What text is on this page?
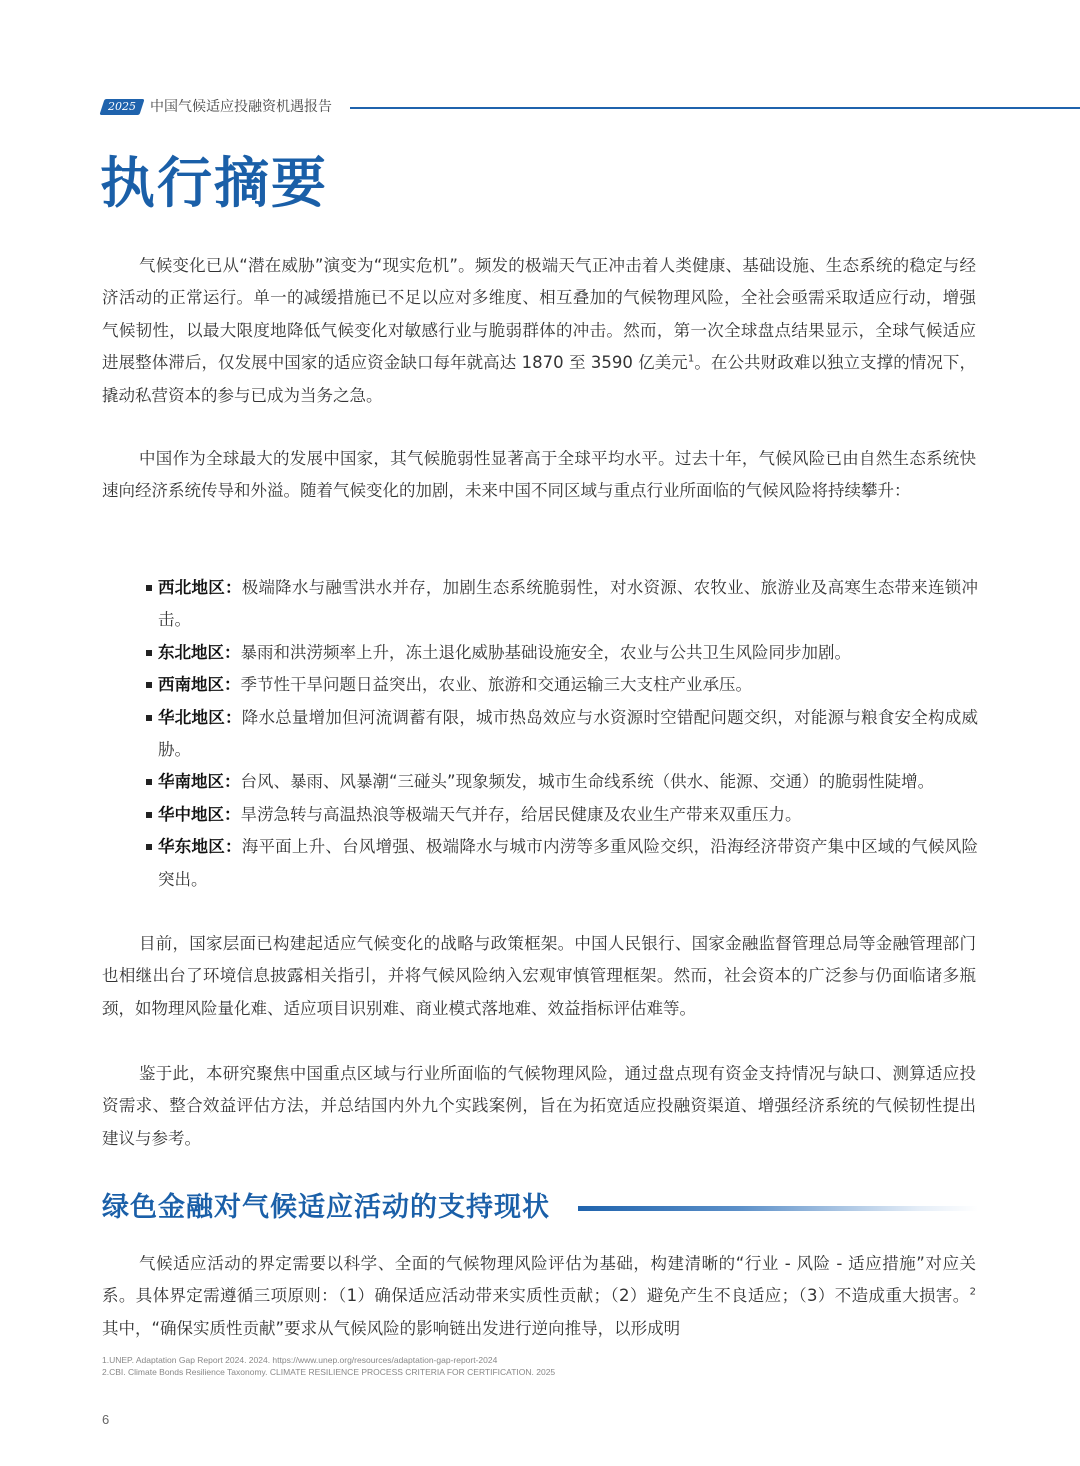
2025	中国气候适应投融资机遇报告
执行摘要

气候变化已从“潜在威胁”演变为“现实危机”。频发的极端天气正冲击着人类健康、基础设施、生态系统的稳定与经济活动的正常运行。单一的减缓措施已不足以应对多维度、相互叠加的气候物理风险，全社会亟需采取适应行动，增强气候韧性，以最大限度地降低气候变化对敏感行业与脆弱群体的冲击。然而，第一次全球盘点结果显示，全球气候适应进展整体滞后，仅发展中国家的适应资金缺口每年就高达 1870 至 3590 亿美元$^1$。在公共财政难以独立支撑的情况下，撬动私营资本的参与已成为当务之急。

中国作为全球最大的发展中国家，其气候脆弱性显著高于全球平均水平。过去十年，气候风险已由自然生态系统快速向经济系统传导和外溢。随着气候变化的加剧，未来中国不同区域与重点行业所面临的气候风险将持续攀升：

西北地区：极端降水与融雪洪水并存，加剧生态系统脆弱性，对水资源、农牧业、旅游业及高寒生态带来连锁冲击。
东北地区：暴雨和洪涝频率上升，冻土退化威胁基础设施安全，农业与公共卫生风险同步加剧。
西南地区：季节性干旱问题日益突出，农业、旅游和交通运输三大支柱产业承压。
华北地区：降水总量增加但河流调蓄有限，城市热岛效应与水资源时空错配问题交织，对能源与粮食安全构成威胁。
华南地区：台风、暴雨、风暴潮“三碰头”现象频发，城市生命线系统（供水、能源、交通）的脆弱性陡增。
华中地区：旱涝急转与高温热浪等极端天气并存，给居民健康及农业生产带来双重压力。
华东地区：海平面上升、台风增强、极端降水与城市内涝等多重风险交织，沿海经济带资产集中区域的气候风险突出。

目前，国家层面已构建起适应气候变化的战略与政策框架。中国人民银行、国家金融监督管理总局等金融管理部门也相继出台了环境信息披露相关指引，并将气候风险纳入宏观审慎管理框架。然而，社会资本的广泛参与仍面临诸多瓶颈，如物理风险量化难、适应项目识别难、商业模式落地难、效益指标评估难等。

鉴于此，本研究聚焦中国重点区域与行业所面临的气候物理风险，通过盘点现有资金支持情况与缺口、测算适应投资需求、整合效益评估方法，并总结国内外九个实践案例，旨在为拓宽适应投融资渠道、增强经济系统的气候韧性提出建议与参考。

绿色金融对气候适应活动的支持现状

气候适应活动的界定需要以科学、全面的气候物理风险评估为基础，构建清晰的“行业 - 风险 - 适应措施”对应关系。具体界定需遵循三项原则：（1）确保适应活动带来实质性贡献；（2）避免产生不良适应；（3）不造成重大损害。$^2$ 其中，“确保实质性贡献”要求从气候风险的影响链出发进行逆向推导，以形成明

1.UNEP. Adaptation Gap Report 2024. 2024. https://www.unep.org/resources/adaptation-gap-report-2024
2.CBI. Climate Bonds Resilience Taxonomy. CLIMATE RESILIENCE PROCESS CRITERIA FOR CERTIFICATION. 2025
6
